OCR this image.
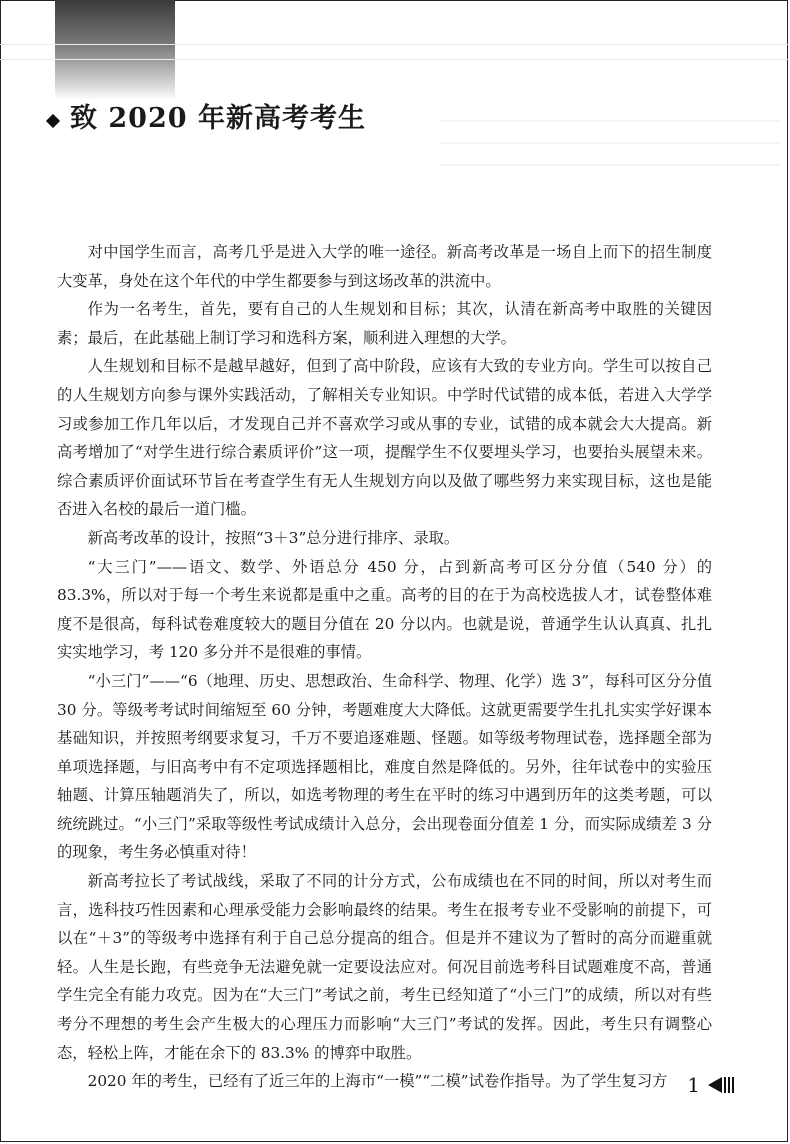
致 2020 年新高考考生

对中国学生而言，高考几乎是进入大学的唯一途径。新高考改革是一场自上而下的招生制度大变革，身处在这个年代的中学生都要参与到这场改革的洪流中。

作为一名考生，首先，要有自己的人生规划和目标；其次，认清在新高考中取胜的关键因素；最后，在此基础上制订学习和选科方案，顺利进入理想的大学。

人生规划和目标不是越早越好，但到了高中阶段，应该有大致的专业方向。学生可以按自己的人生规划方向参与课外实践活动，了解相关专业知识。中学时代试错的成本低，若进入大学学习或参加工作几年以后，才发现自己并不喜欢学习或从事的专业，试错的成本就会大大提高。新高考增加了“对学生进行综合素质评价”这一项，提醒学生不仅要埋头学习，也要抬头展望未来。综合素质评价面试环节旨在考查学生有无人生规划方向以及做了哪些努力来实现目标，这也是能否进入名校的最后一道门槛。

新高考改革的设计，按照“3＋3”总分进行排序、录取。

“大三门”——语文、数学、外语总分 450 分，占到新高考可区分分值（540 分）的 83.3%，所以对于每一个考生来说都是重中之重。高考的目的在于为高校选拔人才，试卷整体难度不是很高，每科试卷难度较大的题目分值在 20 分以内。也就是说，普通学生认认真真、扎扎实实地学习，考 120 多分并不是很难的事情。

“小三门”——“6（地理、历史、思想政治、生命科学、物理、化学）选 3”，每科可区分分值 30 分。等级考考试时间缩短至 60 分钟，考题难度大大降低。这就更需要学生扎扎实实学好课本基础知识，并按照考纲要求复习，千万不要追逐难题、怪题。如等级考物理试卷，选择题全部为单项选择题，与旧高考中有不定项选择题相比，难度自然是降低的。另外，往年试卷中的实验压轴题、计算压轴题消失了，所以，如选考物理的考生在平时的练习中遇到历年的这类考题，可以统统跳过。“小三门”采取等级性考试成绩计入总分，会出现卷面分值差 1 分，而实际成绩差 3 分的现象，考生务必慎重对待！

新高考拉长了考试战线，采取了不同的计分方式，公布成绩也在不同的时间，所以对考生而言，选科技巧性因素和心理承受能力会影响最终的结果。考生在报考专业不受影响的前提下，可以在“＋3”的等级考中选择有利于自己总分提高的组合。但是并不建议为了暂时的高分而避重就轻。人生是长跑，有些竞争无法避免就一定要设法应对。何况目前选考科目试题难度不高，普通学生完全有能力攻克。因为在“大三门”考试之前，考生已经知道了“小三门”的成绩，所以对有些考分不理想的考生会产生极大的心理压力而影响“大三门”考试的发挥。因此，考生只有调整心态，轻松上阵，才能在余下的 83.3% 的博弈中取胜。

2020 年的考生，已经有了近三年的上海市“一模”“二模”试卷作指导。为了学生复习方 1
